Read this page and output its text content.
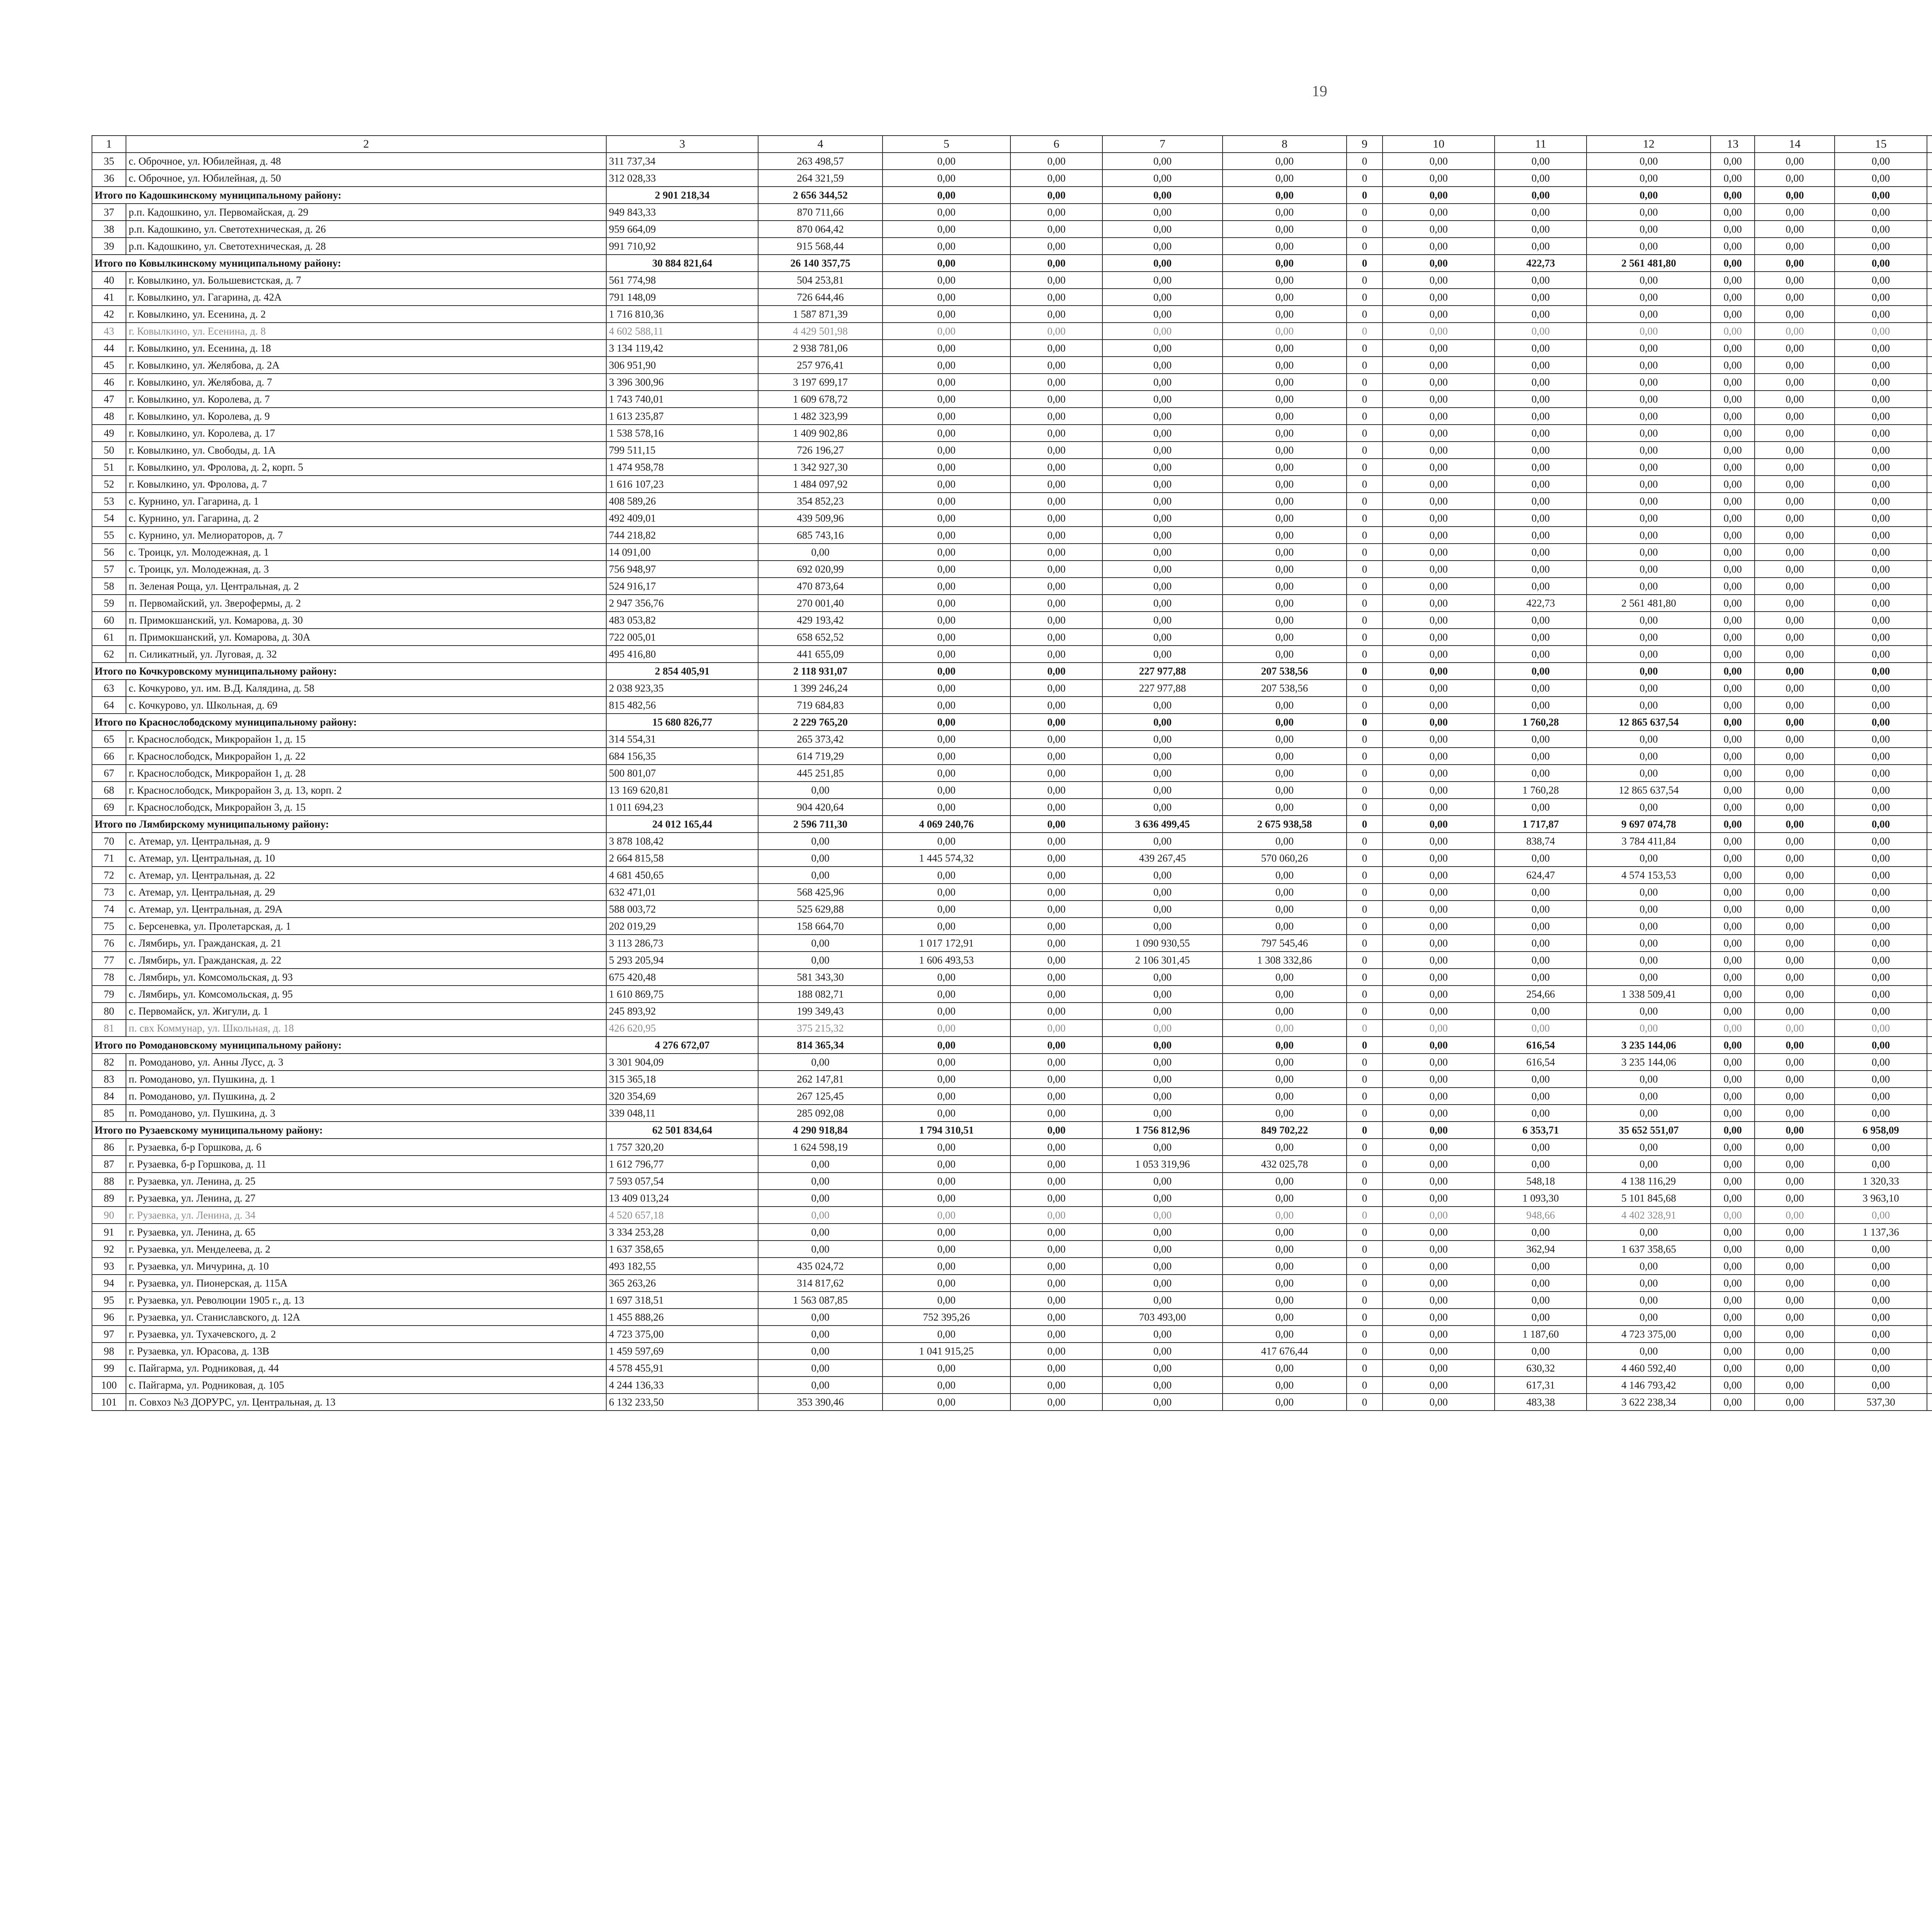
19
1	2	3	4	5	6	7	8	9	10	11	12	13	14	15						
35	с. Оброчное, ул. Юбилейная, д. 48	311 737,34	263 498,57	0,00	0,00	0,00	0,00	0	0,00	0,00	0,00	0,00	0,00	0,00						
36	с. Оброчное, ул. Юбилейная, д. 50	312 028,33	264 321,59	0,00	0,00	0,00	0,00	0	0,00	0,00	0,00	0,00	0,00	0,00						
Итого по Кадошкинскому муниципальному району:		2 901 218,34	2 656 344,52	0,00	0,00	0,00	0,00	0	0,00	0,00	0,00	0,00	0,00	0,00						
37	р.п. Кадошкино, ул. Первомайская, д. 29	949 843,33	870 711,66	0,00	0,00	0,00	0,00	0	0,00	0,00	0,00	0,00	0,00	0,00						
38	р.п. Кадошкино, ул. Светотехническая, д. 26	959 664,09	870 064,42	0,00	0,00	0,00	0,00	0	0,00	0,00	0,00	0,00	0,00	0,00						
39	р.п. Кадошкино, ул. Светотехническая, д. 28	991 710,92	915 568,44	0,00	0,00	0,00	0,00	0	0,00	0,00	0,00	0,00	0,00	0,00						
Итого по Ковылкинскому муниципальному району:		30 884 821,64	26 140 357,75	0,00	0,00	0,00	0,00	0	0,00	422,73	2 561 481,80	0,00	0,00	0,00						
40	г. Ковылкино, ул. Большевистская, д. 7	561 774,98	504 253,81	0,00	0,00	0,00	0,00	0	0,00	0,00	0,00	0,00	0,00	0,00						
41	г. Ковылкино, ул. Гагарина, д. 42А	791 148,09	726 644,46	0,00	0,00	0,00	0,00	0	0,00	0,00	0,00	0,00	0,00	0,00						
42	г. Ковылкино, ул. Есенина, д. 2	1 716 810,36	1 587 871,39	0,00	0,00	0,00	0,00	0	0,00	0,00	0,00	0,00	0,00	0,00						
43	г. Ковылкино, ул. Есенина, д. 8	4 602 588,11	4 429 501,98	0,00	0,00	0,00	0,00	0	0,00	0,00	0,00	0,00	0,00	0,00						
44	г. Ковылкино, ул. Есенина, д. 18	3 134 119,42	2 938 781,06	0,00	0,00	0,00	0,00	0	0,00	0,00	0,00	0,00	0,00	0,00						
45	г. Ковылкино, ул. Желябова, д. 2А	306 951,90	257 976,41	0,00	0,00	0,00	0,00	0	0,00	0,00	0,00	0,00	0,00	0,00						
46	г. Ковылкино, ул. Желябова, д. 7	3 396 300,96	3 197 699,17	0,00	0,00	0,00	0,00	0	0,00	0,00	0,00	0,00	0,00	0,00						
47	г. Ковылкино, ул. Королева, д. 7	1 743 740,01	1 609 678,72	0,00	0,00	0,00	0,00	0	0,00	0,00	0,00	0,00	0,00	0,00						
48	г. Ковылкино, ул. Королева, д. 9	1 613 235,87	1 482 323,99	0,00	0,00	0,00	0,00	0	0,00	0,00	0,00	0,00	0,00	0,00						
49	г. Ковылкино, ул. Королева, д. 17	1 538 578,16	1 409 902,86	0,00	0,00	0,00	0,00	0	0,00	0,00	0,00	0,00	0,00	0,00						
50	г. Ковылкино, ул. Свободы, д. 1А	799 511,15	726 196,27	0,00	0,00	0,00	0,00	0	0,00	0,00	0,00	0,00	0,00	0,00						
51	г. Ковылкино, ул. Фролова, д. 2, корп. 5	1 474 958,78	1 342 927,30	0,00	0,00	0,00	0,00	0	0,00	0,00	0,00	0,00	0,00	0,00						
52	г. Ковылкино, ул. Фролова, д. 7	1 616 107,23	1 484 097,92	0,00	0,00	0,00	0,00	0	0,00	0,00	0,00	0,00	0,00	0,00						
53	с. Курнино, ул. Гагарина, д. 1	408 589,26	354 852,23	0,00	0,00	0,00	0,00	0	0,00	0,00	0,00	0,00	0,00	0,00						
54	с. Курнино, ул. Гагарина, д. 2	492 409,01	439 509,96	0,00	0,00	0,00	0,00	0	0,00	0,00	0,00	0,00	0,00	0,00						
55	с. Курнино, ул. Мелиораторов, д. 7	744 218,82	685 743,16	0,00	0,00	0,00	0,00	0	0,00	0,00	0,00	0,00	0,00	0,00						
56	с. Троицк, ул. Молодежная, д. 1	14 091,00	0,00	0,00	0,00	0,00	0,00	0	0,00	0,00	0,00	0,00	0,00	0,00						
57	с. Троицк, ул. Молодежная, д. 3	756 948,97	692 020,99	0,00	0,00	0,00	0,00	0	0,00	0,00	0,00	0,00	0,00	0,00						
58	п. Зеленая Роща, ул. Центральная, д. 2	524 916,17	470 873,64	0,00	0,00	0,00	0,00	0	0,00	0,00	0,00	0,00	0,00	0,00						
59	п. Первомайский, ул. Зверофермы, д. 2	2 947 356,76	270 001,40	0,00	0,00	0,00	0,00	0	0,00	422,73	2 561 481,80	0,00	0,00	0,00						
60	п. Примокшанский, ул. Комарова, д. 30	483 053,82	429 193,42	0,00	0,00	0,00	0,00	0	0,00	0,00	0,00	0,00	0,00	0,00						
61	п. Примокшанский, ул. Комарова, д. 30А	722 005,01	658 652,52	0,00	0,00	0,00	0,00	0	0,00	0,00	0,00	0,00	0,00	0,00						
62	п. Силикатный, ул. Луговая, д. 32	495 416,80	441 655,09	0,00	0,00	0,00	0,00	0	0,00	0,00	0,00	0,00	0,00	0,00						
Итого по Кочкуровскому муниципальному району:		2 854 405,91	2 118 931,07	0,00	0,00	227 977,88	207 538,56	0	0,00	0,00	0,00	0,00	0,00	0,00						
63	с. Кочкурово, ул. им. В.Д. Калядина, д. 58	2 038 923,35	1 399 246,24	0,00	0,00	227 977,88	207 538,56	0	0,00	0,00	0,00	0,00	0,00	0,00						
64	с. Кочкурово, ул. Школьная, д. 69	815 482,56	719 684,83	0,00	0,00	0,00	0,00	0	0,00	0,00	0,00	0,00	0,00	0,00						
Итого по Краснослободскому муниципальному району:		15 680 826,77	2 229 765,20	0,00	0,00	0,00	0,00	0	0,00	1 760,28	12 865 637,54	0,00	0,00	0,00						
65	г. Краснослободск, Микрорайон 1, д. 15	314 554,31	265 373,42	0,00	0,00	0,00	0,00	0	0,00	0,00	0,00	0,00	0,00	0,00						
66	г. Краснослободск, Микрорайон 1, д. 22	684 156,35	614 719,29	0,00	0,00	0,00	0,00	0	0,00	0,00	0,00	0,00	0,00	0,00						
67	г. Краснослободск, Микрорайон 1, д. 28	500 801,07	445 251,85	0,00	0,00	0,00	0,00	0	0,00	0,00	0,00	0,00	0,00	0,00						
68	г. Краснослободск, Микрорайон 3, д. 13, корп. 2	13 169 620,81	0,00	0,00	0,00	0,00	0,00	0	0,00	1 760,28	12 865 637,54	0,00	0,00	0,00						
69	г. Краснослободск, Микрорайон 3, д. 15	1 011 694,23	904 420,64	0,00	0,00	0,00	0,00	0	0,00	0,00	0,00	0,00	0,00	0,00						
Итого по Лямбирскому муниципальному району:		24 012 165,44	2 596 711,30	4 069 240,76	0,00	3 636 499,45	2 675 938,58	0	0,00	1 717,87	9 697 074,78	0,00	0,00	0,00						
70	с. Атемар, ул. Центральная, д. 9	3 878 108,42	0,00	0,00	0,00	0,00	0,00	0	0,00	838,74	3 784 411,84	0,00	0,00	0,00						
71	с. Атемар, ул. Центральная, д. 10	2 664 815,58	0,00	1 445 574,32	0,00	439 267,45	570 060,26	0	0,00	0,00	0,00	0,00	0,00	0,00						
72	с. Атемар, ул. Центральная, д. 22	4 681 450,65	0,00	0,00	0,00	0,00	0,00	0	0,00	624,47	4 574 153,53	0,00	0,00	0,00						
73	с. Атемар, ул. Центральная, д. 29	632 471,01	568 425,96	0,00	0,00	0,00	0,00	0	0,00	0,00	0,00	0,00	0,00	0,00						
74	с. Атемар, ул. Центральная, д. 29А	588 003,72	525 629,88	0,00	0,00	0,00	0,00	0	0,00	0,00	0,00	0,00	0,00	0,00						
75	с. Берсеневка, ул. Пролетарская, д. 1	202 019,29	158 664,70	0,00	0,00	0,00	0,00	0	0,00	0,00	0,00	0,00	0,00	0,00						
76	с. Лямбирь, ул. Гражданская, д. 21	3 113 286,73	0,00	1 017 172,91	0,00	1 090 930,55	797 545,46	0	0,00	0,00	0,00	0,00	0,00	0,00						
77	с. Лямбирь, ул. Гражданская, д. 22	5 293 205,94	0,00	1 606 493,53	0,00	2 106 301,45	1 308 332,86	0	0,00	0,00	0,00	0,00	0,00	0,00						
78	с. Лямбирь, ул. Комсомольская, д. 93	675 420,48	581 343,30	0,00	0,00	0,00	0,00	0	0,00	0,00	0,00	0,00	0,00	0,00						
79	с. Лямбирь, ул. Комсомольская, д. 95	1 610 869,75	188 082,71	0,00	0,00	0,00	0,00	0	0,00	254,66	1 338 509,41	0,00	0,00	0,00						
80	с. Первомайск, ул. Жигули, д. 1	245 893,92	199 349,43	0,00	0,00	0,00	0,00	0	0,00	0,00	0,00	0,00	0,00	0,00						
81	п. свх Коммунар, ул. Школьная, д. 18	426 620,95	375 215,32	0,00	0,00	0,00	0,00	0	0,00	0,00	0,00	0,00	0,00	0,00						
Итого по Ромодановскому муниципальному району:		4 276 672,07	814 365,34	0,00	0,00	0,00	0,00	0	0,00	616,54	3 235 144,06	0,00	0,00	0,00						
82	п. Ромоданово, ул. Анны Лусс, д. 3	3 301 904,09	0,00	0,00	0,00	0,00	0,00	0	0,00	616,54	3 235 144,06	0,00	0,00	0,00						
83	п. Ромоданово, ул. Пушкина, д. 1	315 365,18	262 147,81	0,00	0,00	0,00	0,00	0	0,00	0,00	0,00	0,00	0,00	0,00						
84	п. Ромоданово, ул. Пушкина, д. 2	320 354,69	267 125,45	0,00	0,00	0,00	0,00	0	0,00	0,00	0,00	0,00	0,00	0,00						
85	п. Ромоданово, ул. Пушкина, д. 3	339 048,11	285 092,08	0,00	0,00	0,00	0,00	0	0,00	0,00	0,00	0,00	0,00	0,00						
Итого по Рузаевскому муниципальному району:		62 501 834,64	4 290 918,84	1 794 310,51	0,00	1 756 812,96	849 702,22	0	0,00	6 353,71	35 652 551,07	0,00	0,00	6 958,09						
86	г. Рузаевка, б-р Горшкова, д. 6	1 757 320,20	1 624 598,19	0,00	0,00	0,00	0,00	0	0,00	0,00	0,00	0,00	0,00	0,00						
87	г. Рузаевка, б-р Горшкова, д. 11	1 612 796,77	0,00	0,00	0,00	1 053 319,96	432 025,78	0	0,00	0,00	0,00	0,00	0,00	0,00						
88	г. Рузаевка, ул. Ленина, д. 25	7 593 057,54	0,00	0,00	0,00	0,00	0,00	0	0,00	548,18	4 138 116,29	0,00	0,00	1 320,33						
89	г. Рузаевка, ул. Ленина, д. 27	13 409 013,24	0,00	0,00	0,00	0,00	0,00	0	0,00	1 093,30	5 101 845,68	0,00	0,00	3 963,10						
90	г. Рузаевка, ул. Ленина, д. 34	4 520 657,18	0,00	0,00	0,00	0,00	0,00	0	0,00	948,66	4 402 328,91	0,00	0,00	0,00						
91	г. Рузаевка, ул. Ленина, д. 65	3 334 253,28	0,00	0,00	0,00	0,00	0,00	0	0,00	0,00	0,00	0,00	0,00	1 137,36						
92	г. Рузаевка, ул. Менделеева, д. 2	1 637 358,65	0,00	0,00	0,00	0,00	0,00	0	0,00	362,94	1 637 358,65	0,00	0,00	0,00						
93	г. Рузаевка, ул. Мичурина, д. 10	493 182,55	435 024,72	0,00	0,00	0,00	0,00	0	0,00	0,00	0,00	0,00	0,00	0,00						
94	г. Рузаевка, ул. Пионерская, д. 115А	365 263,26	314 817,62	0,00	0,00	0,00	0,00	0	0,00	0,00	0,00	0,00	0,00	0,00						
95	г. Рузаевка, ул. Революции 1905 г., д. 13	1 697 318,51	1 563 087,85	0,00	0,00	0,00	0,00	0	0,00	0,00	0,00	0,00	0,00	0,00						
96	г. Рузаевка, ул. Станиславского, д. 12А	1 455 888,26	0,00	752 395,26	0,00	703 493,00	0,00	0	0,00	0,00	0,00	0,00	0,00	0,00						
97	г. Рузаевка, ул. Тухачевского, д. 2	4 723 375,00	0,00	0,00	0,00	0,00	0,00	0	0,00	1 187,60	4 723 375,00	0,00	0,00	0,00						
98	г. Рузаевка, ул. Юрасова, д. 13В	1 459 597,69	0,00	1 041 915,25	0,00	0,00	417 676,44	0	0,00	0,00	0,00	0,00	0,00	0,00						
99	с. Пайгарма, ул. Родниковая, д. 44	4 578 455,91	0,00	0,00	0,00	0,00	0,00	0	0,00	630,32	4 460 592,40	0,00	0,00	0,00						
100	с. Пайгарма, ул. Родниковая, д. 105	4 244 136,33	0,00	0,00	0,00	0,00	0,00	0	0,00	617,31	4 146 793,42	0,00	0,00	0,00						
101	п. Совхоз №3 ДОРУРС, ул. Центральная, д. 13	6 132 233,50	353 390,46	0,00	0,00	0,00	0,00	0	0,00	483,38	3 622 238,34	0,00	0,00	537,30						
